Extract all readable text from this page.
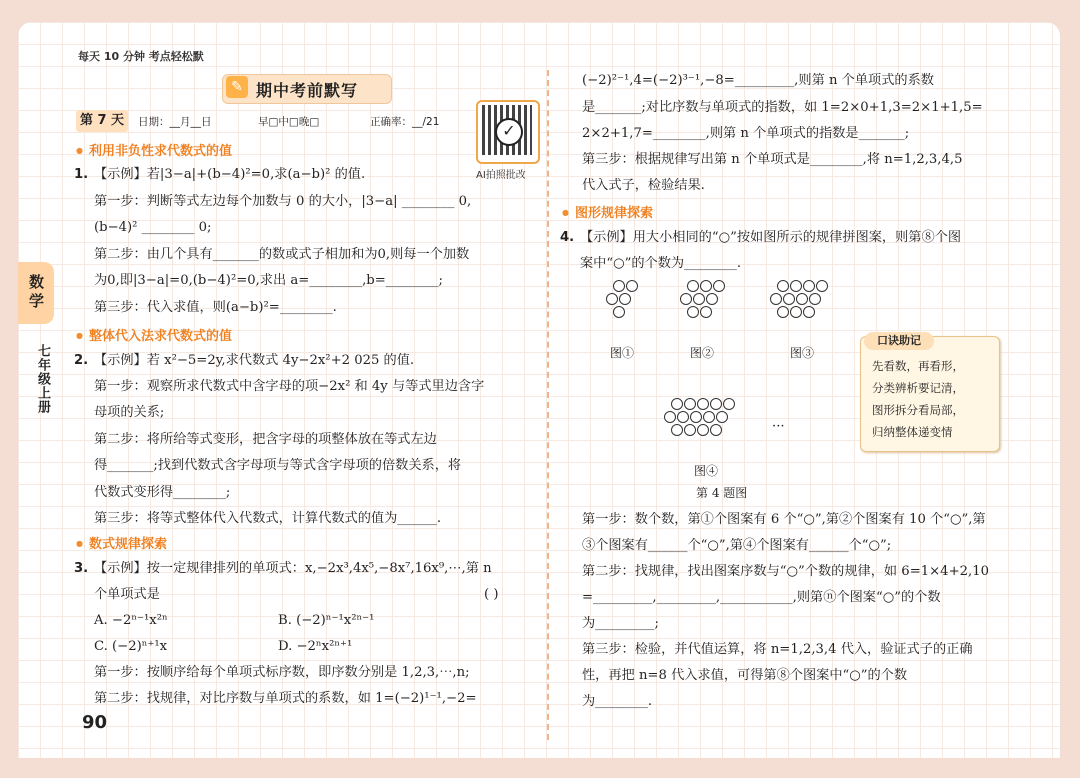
每天 10 分钟 考点轻松默
✎ 期中考前默写
第 7 天	日期：__月__日	早□中□晚□	正确率：__/21	✓
AI拍照批改
数学
七年级上册
● 利用非负性求代数式的值
1. 【示例】若|3−a|+(b−4)²=0,求(a−b)² 的值.
第一步：判断等式左边每个加数与 0 的大小，|3−a| ________ 0,
(b−4)² ________ 0;
第二步：由几个具有_______的数或式子相加和为0,则每一个加数
为0,即|3−a|=0,(b−4)²=0,求出 a=________,b=________;
第三步：代入求值，则(a−b)²=________.
● 整体代入法求代数式的值
2. 【示例】若 x²−5=2y,求代数式 4y−2x²+2 025 的值.
第一步：观察所求代数式中含字母的项−2x² 和 4y 与等式里边含字
母项的关系;
第二步：将所给等式变形，把含字母的项整体放在等式左边
得_______;找到代数式含字母项与等式含字母项的倍数关系，将
代数式变形得________;
第三步：将等式整体代入代数式，计算代数式的值为______.
● 数式规律探索
3. 【示例】按一定规律排列的单项式：x,−2x³,4x⁵,−8x⁷,16x⁹,⋯,第 n
个单项式是	( )
A. −2ⁿ⁻¹x²ⁿ	B. (−2)ⁿ⁻¹x²ⁿ⁻¹
C. (−2)ⁿ⁺¹x	D. −2ⁿx²ⁿ⁺¹
第一步：按顺序给每个单项式标序数，即序数分别是 1,2,3,⋯,n;
第二步：找规律，对比序数与单项式的系数，如 1=(−2)¹⁻¹,−2=
90
(−2)²⁻¹,4=(−2)³⁻¹,−8=_________,则第 n 个单项式的系数
是_______;对比序数与单项式的指数，如 1=2×0+1,3=2×1+1,5=
2×2+1,7=________,则第 n 个单项式的指数是_______;
第三步：根据规律写出第 n 个单项式是________,将 n=1,2,3,4,5
代入式子，检验结果.
● 图形规律探索
4. 【示例】用大小相同的“○”按如图所示的规律拼图案，则第⑧个图
案中“○”的个数为________.
···
图①	图②	图③
图④
第 4 题图
口诀助记
先看数，再看形，
分类辨析要记清，
图形拆分看局部，
归纳整体递变情
第一步：数个数，第①个图案有 6 个“○”,第②个图案有 10 个“○”,第
③个图案有______个“○”,第④个图案有______个“○”;
第二步：找规律，找出图案序数与“○”个数的规律，如 6=1×4+2,10
=_________,_________,___________,则第ⓝ个图案“○”的个数
为_________;
第三步：检验，并代值运算，将 n=1,2,3,4 代入，验证式子的正确
性，再把 n=8 代入求值，可得第⑧个图案中“○”的个数
为________.
